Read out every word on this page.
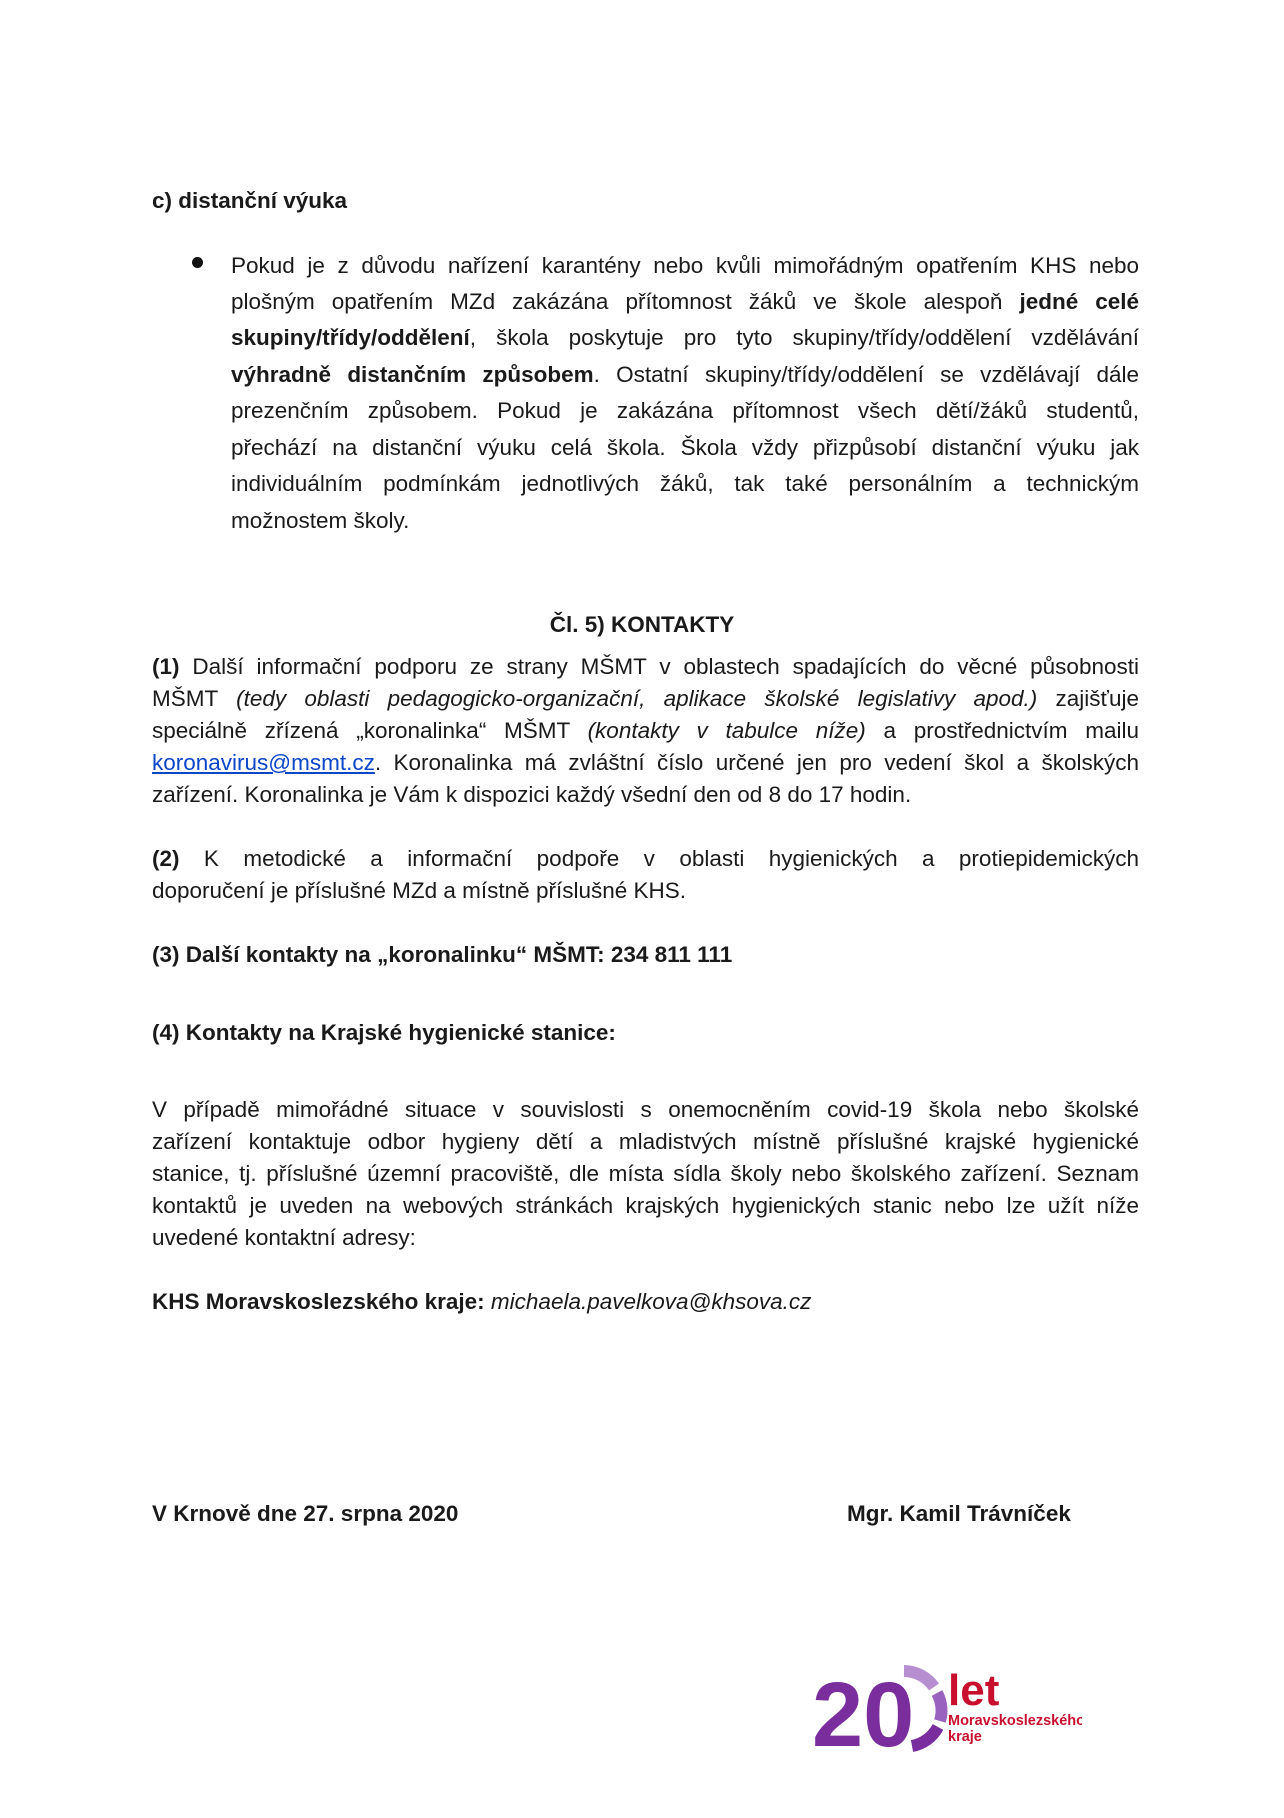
c) distanční výuka
Pokud je z důvodu nařízení karantény nebo kvůli mimořádným opatřením KHS nebo
plošným opatřením MZd zakázána přítomnost žáků ve škole alespoň jedné celé
skupiny/třídy/oddělení, škola poskytuje pro tyto skupiny/třídy/oddělení vzdělávání
výhradně distančním způsobem. Ostatní skupiny/třídy/oddělení se vzdělávají dále
prezenčním způsobem. Pokud je zakázána přítomnost všech dětí/žáků studentů,
přechází na distanční výuku celá škola. Škola vždy přizpůsobí distanční výuku jak
individuálním podmínkám jednotlivých žáků, tak také personálním a technickým
možnostem školy.
Čl. 5) KONTAKTY
(1) Další informační podporu ze strany MŠMT v oblastech spadajících do věcné působnosti
MŠMT (tedy oblasti pedagogicko-organizační, aplikace školské legislativy apod.) zajišťuje
speciálně zřízená „koronalinka“ MŠMT (kontakty v tabulce níže) a prostřednictvím mailu
koronavirus@msmt.cz. Koronalinka má zvláštní číslo určené jen pro vedení škol a školských
zařízení. Koronalinka je Vám k dispozici každý všední den od 8 do 17 hodin.
(2) K metodické a informační podpoře v oblasti hygienických a protiepidemických
doporučení je příslušné MZd a místně příslušné KHS.
(3) Další kontakty na „koronalinku“ MŠMT: 234 811 111
(4) Kontakty na Krajské hygienické stanice:
V případě mimořádné situace v souvislosti s onemocněním covid-19 škola nebo školské
zařízení kontaktuje odbor hygieny dětí a mladistvých místně příslušné krajské hygienické
stanice, tj. příslušné územní pracoviště, dle místa sídla školy nebo školského zařízení. Seznam
kontaktů je uveden na webových stránkách krajských hygienických stanic nebo lze užít níže
uvedené kontaktní adresy:
KHS Moravskoslezského kraje: michaela.pavelkova@khsova.cz
V Krnově dne 27. srpna 2020	Mgr. Kamil Trávníček
20 let
Moravskoslezského
kraje
